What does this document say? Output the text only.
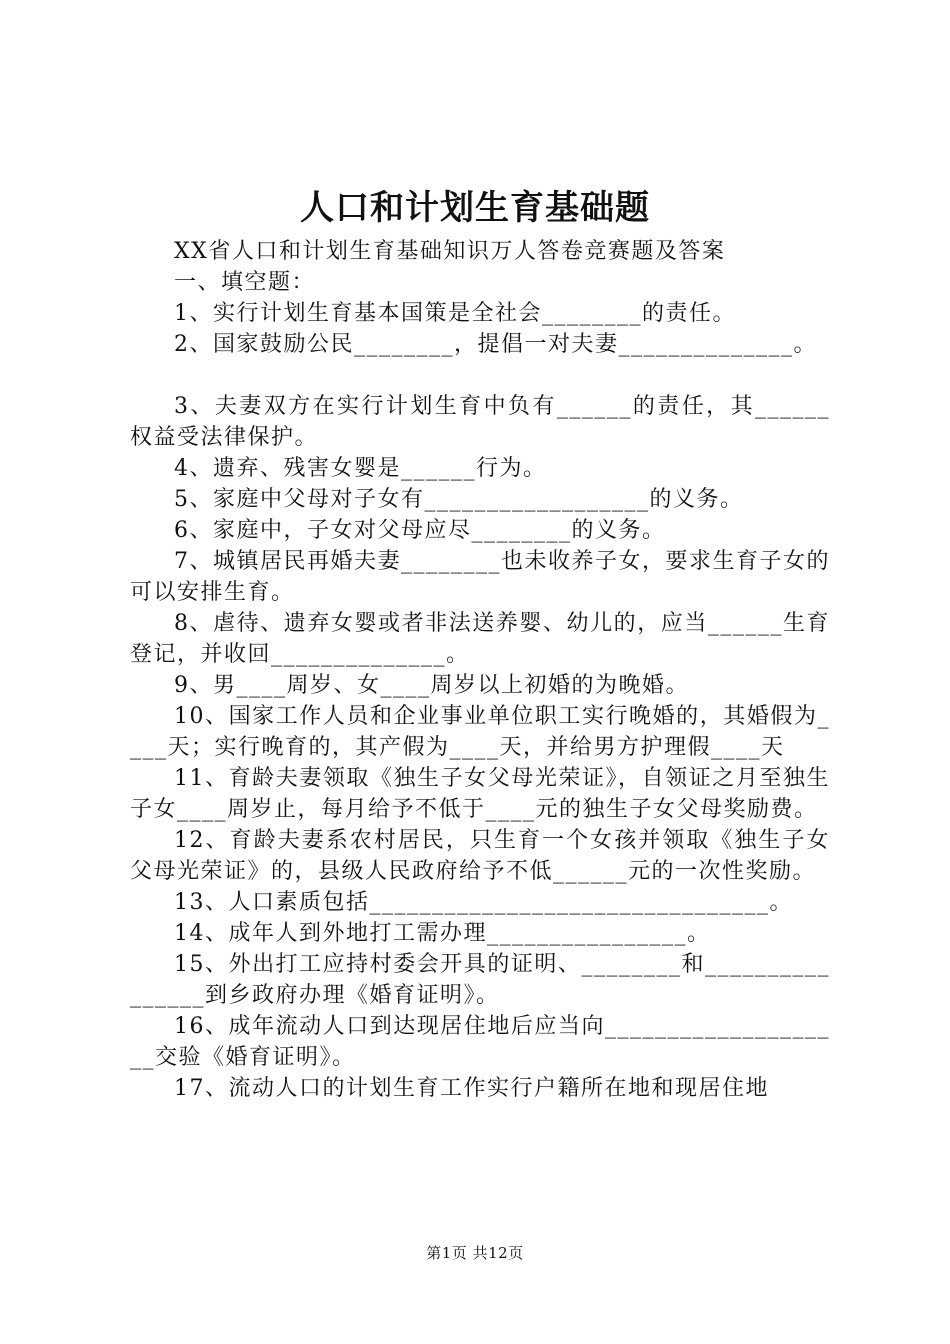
人口和计划生育基础题

XX省人口和计划生育基础知识万人答卷竞赛题及答案

一、填空题：

1、实行计划生育基本国策是全社会________的责任。

2、国家鼓励公民________，提倡一对夫妻______________。

3、夫妻双方在实行计划生育中负有______的责任，其______权益受法律保护。

4、遗弃、残害女婴是______行为。

5、家庭中父母对子女有__________________的义务。

6、家庭中，子女对父母应尽________的义务。

7、城镇居民再婚夫妻________也未收养子女，要求生育子女的可以安排生育。

8、虐待、遗弃女婴或者非法送养婴、幼儿的，应当______生育登记，并收回______________。

9、男____周岁、女____周岁以上初婚的为晚婚。

10、国家工作人员和企业事业单位职工实行晚婚的，其婚假为____天；实行晚育的，其产假为____天，并给男方护理假____天

11、育龄夫妻领取《独生子女父母光荣证》，自领证之月至独生子女____周岁止，每月给予不低于____元的独生子女父母奖励费。

12、育龄夫妻系农村居民，只生育一个女孩并领取《独生子女父母光荣证》的，县级人民政府给予不低______元的一次性奖励。

13、人口素质包括________________________________。

14、成年人到外地打工需办理________________。

15、外出打工应持村委会开具的证明、________和________________到乡政府办理《婚育证明》。

16、成年流动人口到达现居住地后应当向____________________交验《婚育证明》。

17、流动人口的计划生育工作实行户籍所在地和现居住地

第1页 共12页
